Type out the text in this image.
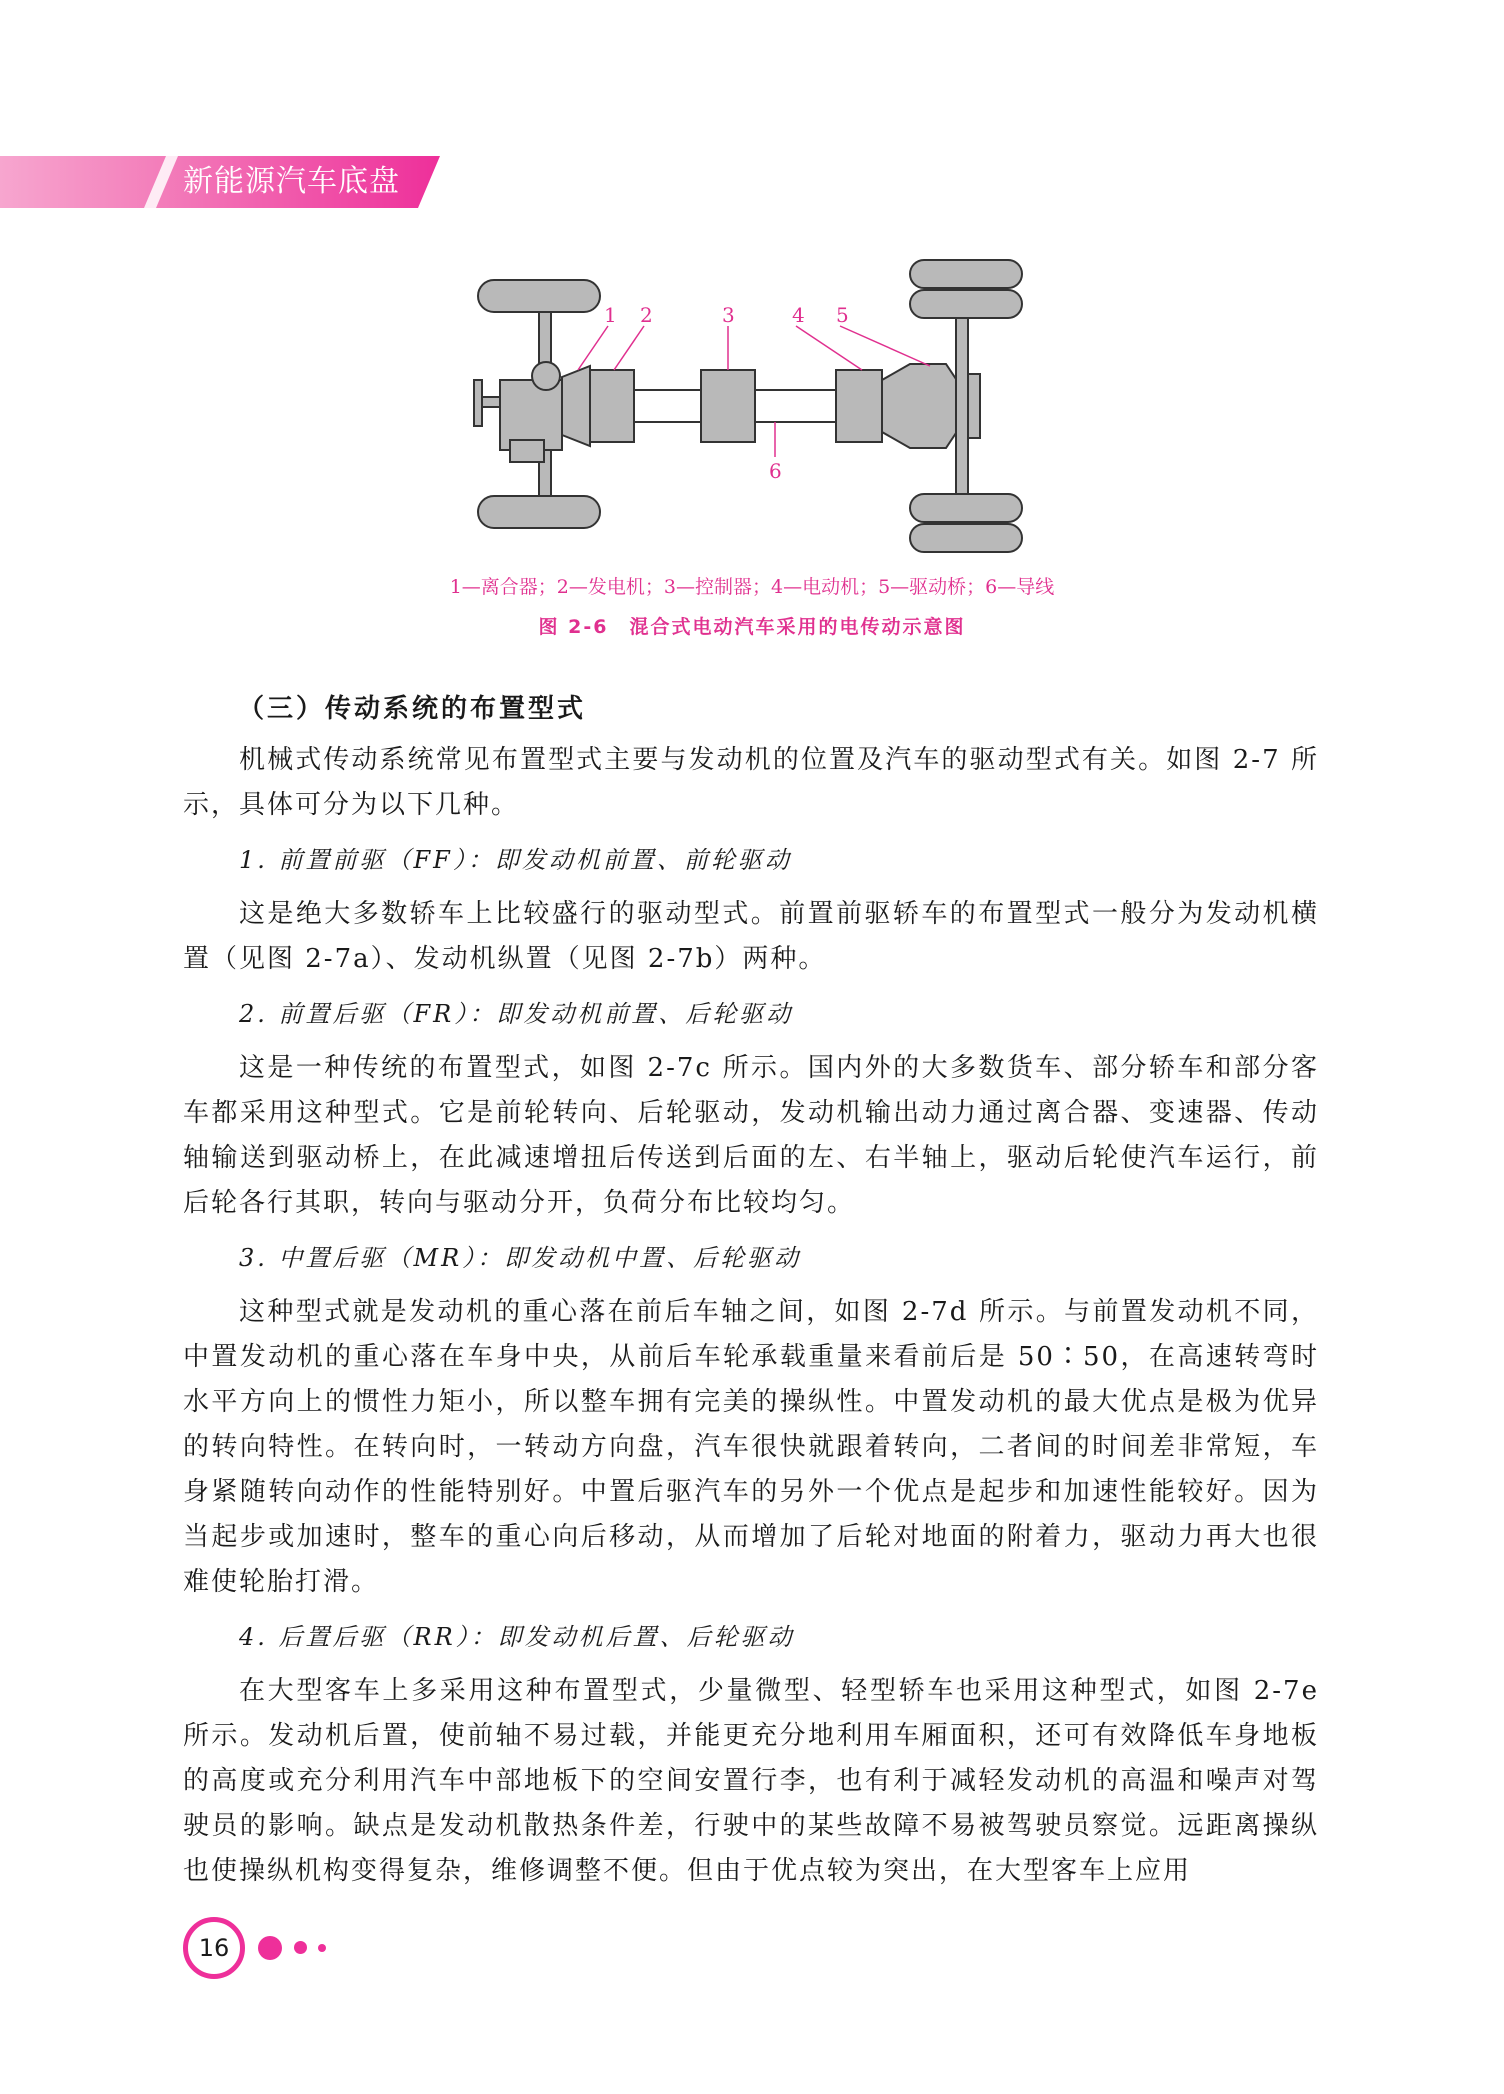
新能源汽车底盘
1 2	3	4 5
6
1—离合器；2—发电机；3—控制器；4—电动机；5—驱动桥；6—导线
图 2-6　混合式电动汽车采用的电传动示意图
（三）传动系统的布置型式

机械式传动系统常见布置型式主要与发动机的位置及汽车的驱动型式有关。如图 2-7 所示，具体可分为以下几种。

1. 前置前驱（FF）：即发动机前置、前轮驱动

这是绝大多数轿车上比较盛行的驱动型式。前置前驱轿车的布置型式一般分为发动机横置（见图 2-7a）、发动机纵置（见图 2-7b）两种。

2. 前置后驱（FR）：即发动机前置、后轮驱动

这是一种传统的布置型式，如图 2-7c 所示。国内外的大多数货车、部分轿车和部分客车都采用这种型式。它是前轮转向、后轮驱动，发动机输出动力通过离合器、变速器、传动轴输送到驱动桥上，在此减速增扭后传送到后面的左、右半轴上，驱动后轮使汽车运行，前后轮各行其职，转向与驱动分开，负荷分布比较均匀。

3. 中置后驱（MR）：即发动机中置、后轮驱动

这种型式就是发动机的重心落在前后车轴之间，如图 2-7d 所示。与前置发动机不同，中置发动机的重心落在车身中央，从前后车轮承载重量来看前后是 50∶50，在高速转弯时水平方向上的惯性力矩小，所以整车拥有完美的操纵性。中置发动机的最大优点是极为优异的转向特性。在转向时，一转动方向盘，汽车很快就跟着转向，二者间的时间差非常短，车身紧随转向动作的性能特别好。中置后驱汽车的另外一个优点是起步和加速性能较好。因为当起步或加速时，整车的重心向后移动，从而增加了后轮对地面的附着力，驱动力再大也很难使轮胎打滑。

4. 后置后驱（RR）：即发动机后置、后轮驱动

在大型客车上多采用这种布置型式，少量微型、轻型轿车也采用这种型式，如图 2-7e 所示。发动机后置，使前轴不易过载，并能更充分地利用车厢面积，还可有效降低车身地板的高度或充分利用汽车中部地板下的空间安置行李，也有利于减轻发动机的高温和噪声对驾驶员的影响。缺点是发动机散热条件差，行驶中的某些故障不易被驾驶员察觉。远距离操纵也使操纵机构变得复杂，维修调整不便。但由于优点较为突出，在大型客车上应用

16
